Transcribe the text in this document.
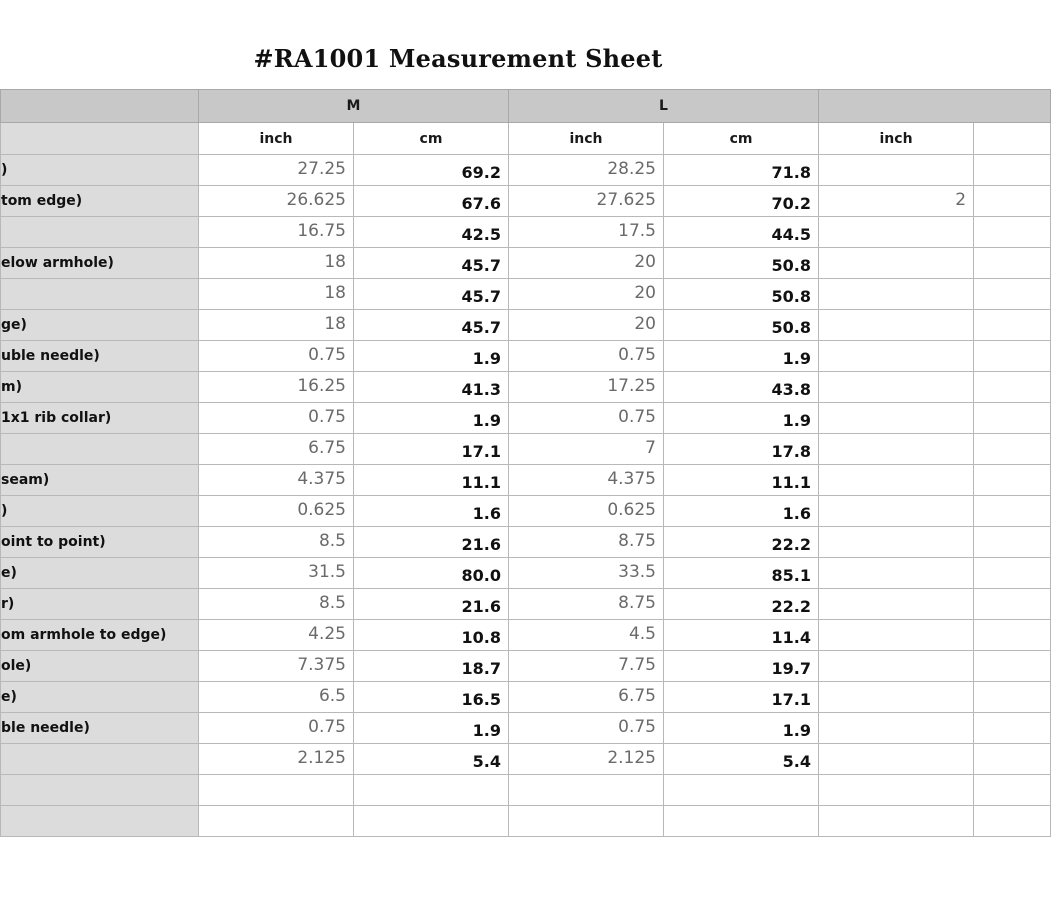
#RA1001 Measurement Sheet
	M		L			
	inch	cm	inch	cm	inch	
)	27.25	69.2	28.25	71.8		
tom edge)	26.625	67.6	27.625	70.2	2	
	16.75	42.5	17.5	44.5		
elow armhole)	18	45.7	20	50.8		
	18	45.7	20	50.8		
ge)	18	45.7	20	50.8		
uble needle)	0.75	1.9	0.75	1.9		
m)	16.25	41.3	17.25	43.8		
1x1 rib collar)	0.75	1.9	0.75	1.9		
	6.75	17.1	7	17.8		
seam)	4.375	11.1	4.375	11.1		
)	0.625	1.6	0.625	1.6		
oint to point)	8.5	21.6	8.75	22.2		
e)	31.5	80.0	33.5	85.1		
r)	8.5	21.6	8.75	22.2		
om armhole to edge)	4.25	10.8	4.5	11.4		
ole)	7.375	18.7	7.75	19.7		
e)	6.5	16.5	6.75	17.1		
ble needle)	0.75	1.9	0.75	1.9		
	2.125	5.4	2.125	5.4		
